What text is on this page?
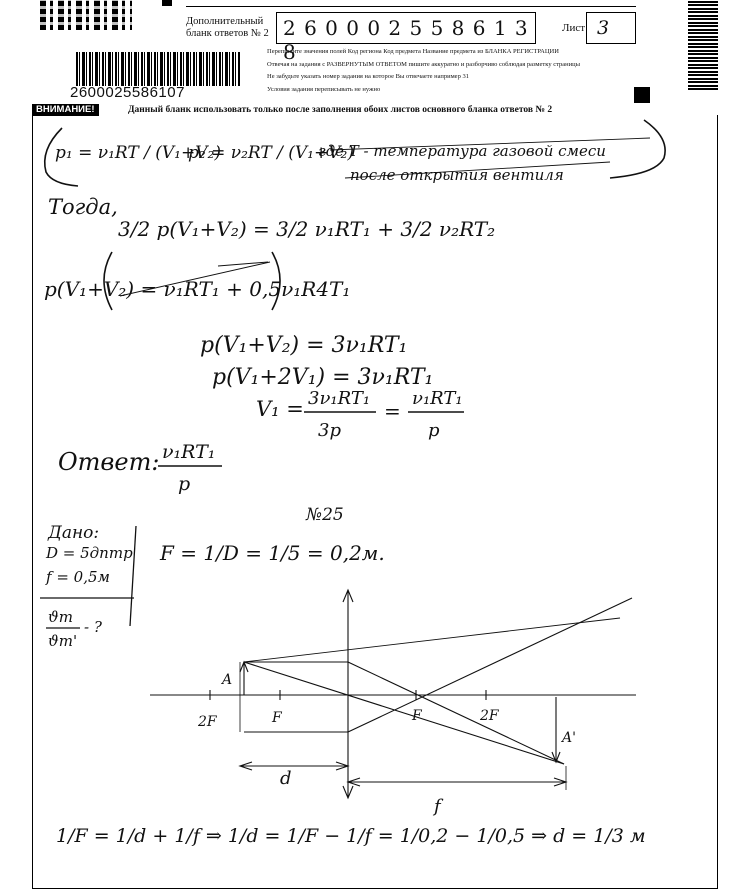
Дополнительный
бланк ответов № 2 2 6 0 0 0 2 5 5 8 6 1 3 8
Лист 3
2600025586107
Перепишите значения полей Код региона Код предмета Название предмета из БЛАНКА РЕГИСТРАЦИИ
Отвечая на задания с РАЗВЕРНУТЫМ ОТВЕТОМ пишите аккуратно и разборчиво соблюдая разметку страницы
Не забудьте указать номер задания на которое Вы отвечаете например 31
Условия задания переписывать не нужно
ВНИМАНИЕ!	Данный бланк использовать только после заполнения обоих листов основного бланка ответов № 2
p₁ = ν₁RT / (V₁+V₂)
p₂ = ν₂RT / (V₁+V₂)
где T - температура газовой смеси
после открытия вентиля
Тогда,
3/2 p(V₁+V₂) = 3/2 ν₁RT₁ + 3/2 ν₂RT₂
p(V₁+V₂) = ν₁RT₁ + 0,5ν₁R4T₁
p(V₁+V₂) = 3ν₁RT₁
p(V₁+2V₁) = 3ν₁RT₁
V₁ = 3ν₁RT₁
3p
=
ν₁RT₁
p
Ответ: ν₁RT₁
p
№25
Дано:
D = 5дптр
f = 0,5м
ϑm
ϑm'
- ?
F = 1/D = 1/5 = 0,2м.
2F	F	F	2F
A
A'
d
f
1/F = 1/d + 1/f ⇒ 1/d = 1/F − 1/f = 1/0,2 − 1/0,5 ⇒ d = 1/3 м
